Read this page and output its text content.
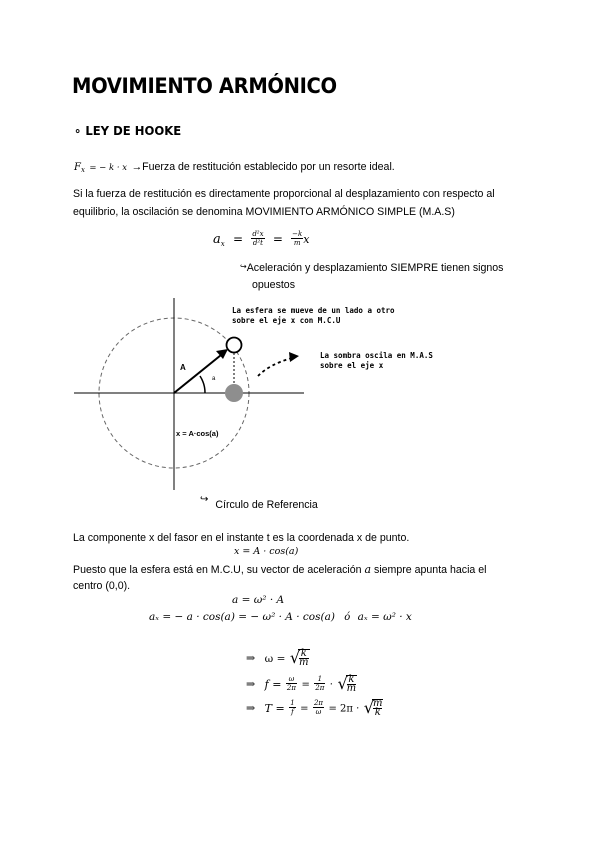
MOVIMIENTO ARMÓNICO
∘ LEY DE HOOKE
Fx = − k · x →Fuerza de restitución establecido por un resorte ideal.
Si la fuerza de restitución es directamente proporcional al desplazamiento con respecto al
equilibrio, la oscilación se denomina MOVIMIENTO ARMÓNICO SIMPLE (M.A.S)
ax  = $\frac{\text{d²x}}{\text{d²t}} = \frac{-k}{m}$ x
↪Aceleración y desplazamiento SIEMPRE tienen signos
opuestos
La esfera se mueve de un lado a otro
sobre el eje x con M.C.U
La sombra oscila en M.A.S
sobre el eje x
A
a
x = A·cos(a)
↪ Círculo de Referencia
La componente x del fasor en el instante t es la coordenada x de punto.
x = A · cos(a)
Puesto que la esfera está en M.C.U, su vector de aceleración a siempre apunta hacia el
centro (0,0).
a = ω² · A
aₓ = − a · cos(a) = − ω² · A · cos(a) ó aₓ = ω² · x
⇒ ω = √
$\frac{k}{m}$
⇒ $f = \frac{\omega}{2\pi} = \frac{1}{2\pi}$ · √
$\frac{k}{m}$
⇒ $T = \frac{1}{f} = \frac{2\pi}{\omega} = 2\pi$ · √
$\frac{m}{k}$
